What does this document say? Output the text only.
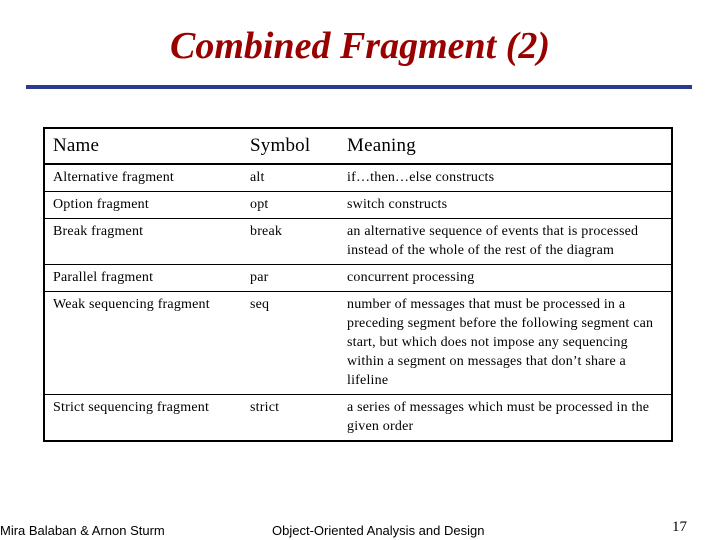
Combined Fragment (2)
Name	Symbol	Meaning
Alternative fragment	alt	if…then…else constructs
Option fragment	opt	switch constructs
Break fragment	break	an alternative sequence of events that is processed instead of the whole of the rest of the diagram
Parallel fragment	par	concurrent processing
Weak sequencing fragment	seq	number of messages that must be processed in a preceding segment before the following segment can start, but which does not impose any sequencing within a segment on messages that don’t share a lifeline
Strict sequencing fragment	strict	a series of messages which must be processed in the given order
Mira Balaban & Arnon Sturm	Object-Oriented Analysis and Design	17
